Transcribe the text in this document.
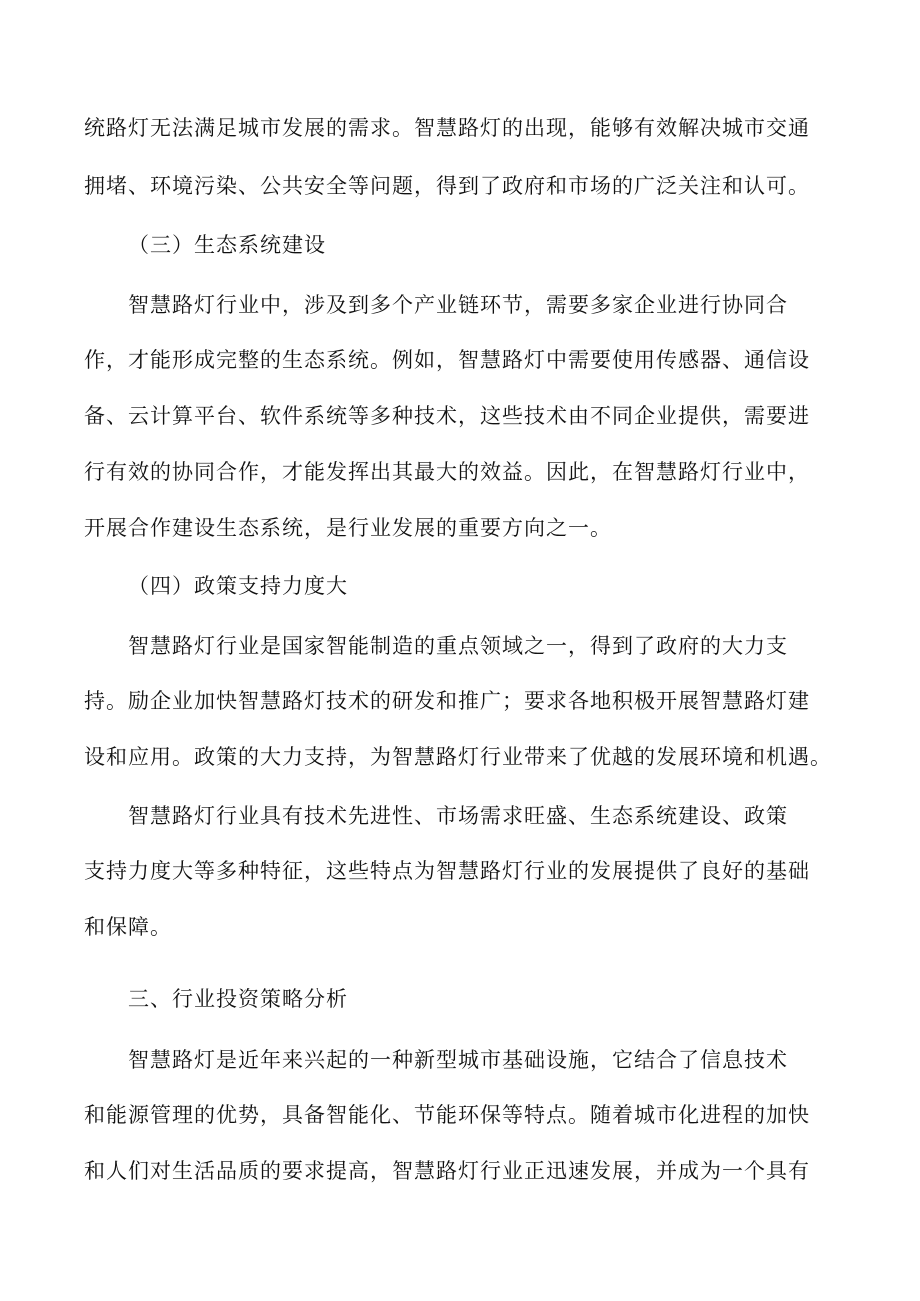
统路灯无法满足城市发展的需求。智慧路灯的出现，能够有效解决城市交通
拥堵、环境污染、公共安全等问题，得到了政府和市场的广泛关注和认可。
（三）生态系统建设
智慧路灯行业中，涉及到多个产业链环节，需要多家企业进行协同合
作，才能形成完整的生态系统。例如，智慧路灯中需要使用传感器、通信设
备、云计算平台、软件系统等多种技术，这些技术由不同企业提供，需要进
行有效的协同合作，才能发挥出其最大的效益。因此，在智慧路灯行业中，
开展合作建设生态系统，是行业发展的重要方向之一。
（四）政策支持力度大
智慧路灯行业是国家智能制造的重点领域之一，得到了政府的大力支
持。励企业加快智慧路灯技术的研发和推广；要求各地积极开展智慧路灯建
设和应用。政策的大力支持，为智慧路灯行业带来了优越的发展环境和机遇。
智慧路灯行业具有技术先进性、市场需求旺盛、生态系统建设、政策
支持力度大等多种特征，这些特点为智慧路灯行业的发展提供了良好的基础
和保障。
三、行业投资策略分析
智慧路灯是近年来兴起的一种新型城市基础设施，它结合了信息技术
和能源管理的优势，具备智能化、节能环保等特点。随着城市化进程的加快
和人们对生活品质的要求提高，智慧路灯行业正迅速发展，并成为一个具有
